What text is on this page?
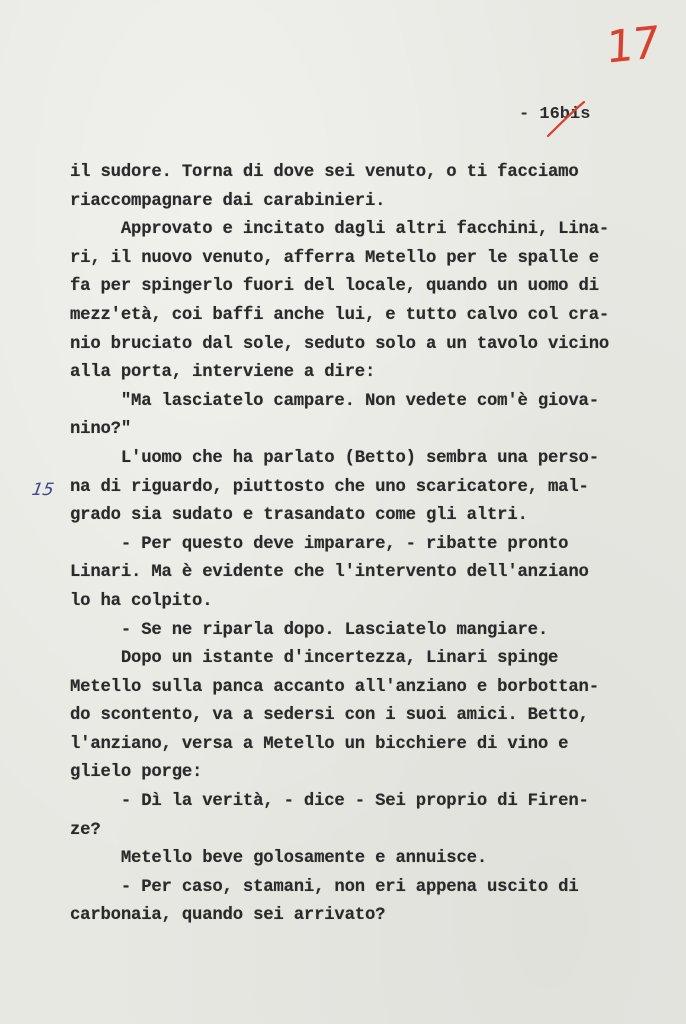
17
- 16bis
15
il sudore. Torna di dove sei venuto, o ti facciamo
riaccompagnare dai carabinieri.
Approvato e incitato dagli altri facchini, Lina-
ri, il nuovo venuto, afferra Metello per le spalle e
fa per spingerlo fuori del locale, quando un uomo di
mezz'età, coi baffi anche lui, e tutto calvo col cra-
nio bruciato dal sole, seduto solo a un tavolo vicino
alla porta, interviene a dire:
"Ma lasciatelo campare. Non vedete com'è giova-
nino?"
L'uomo che ha parlato (Betto) sembra una perso-
na di riguardo, piuttosto che uno scaricatore, mal-
grado sia sudato e trasandato come gli altri.
- Per questo deve imparare, - ribatte pronto
Linari. Ma è evidente che l'intervento dell'anziano
lo ha colpito.
- Se ne riparla dopo. Lasciatelo mangiare.
Dopo un istante d'incertezza, Linari spinge
Metello sulla panca accanto all'anziano e borbottan-
do scontento, va a sedersi con i suoi amici. Betto,
l'anziano, versa a Metello un bicchiere di vino e
glielo porge:
- Dì la verità, - dice - Sei proprio di Firen-
ze?
Metello beve golosamente e annuisce.
- Per caso, stamani, non eri appena uscito di
carbonaia, quando sei arrivato?
